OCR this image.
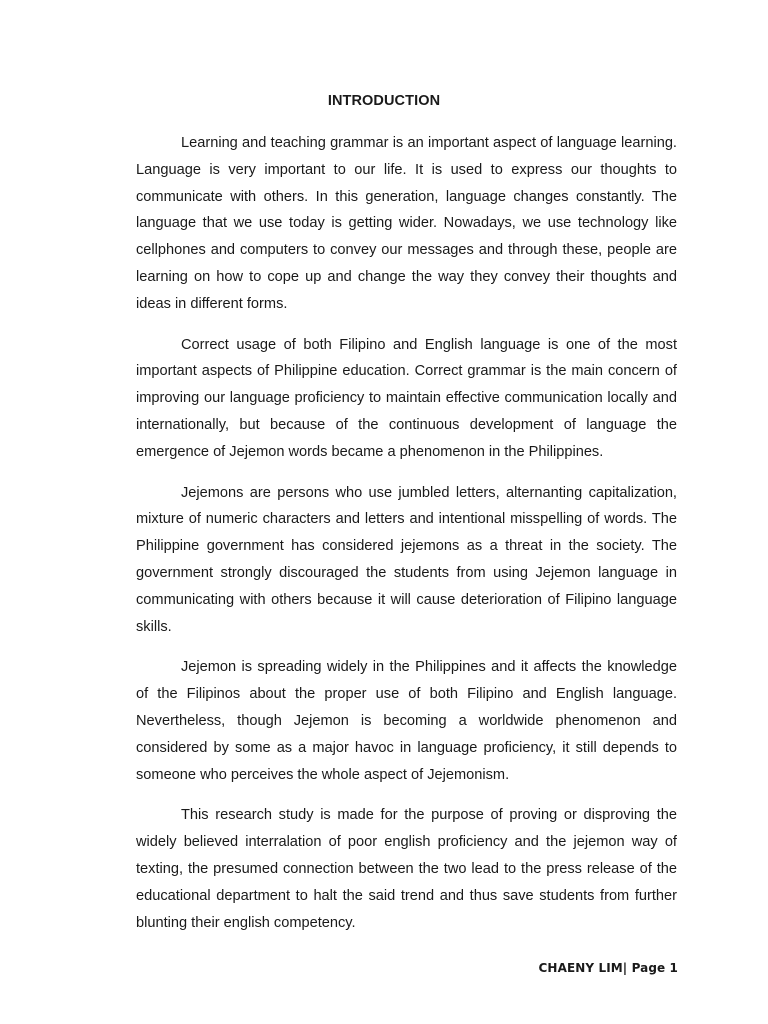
INTRODUCTION

Learning and teaching grammar is an important aspect of language learning. Language is very important to our life. It is used to express our thoughts to communicate with others. In this generation, language changes constantly. The language that we use today is getting wider. Nowadays, we use technology like cellphones and computers to convey our messages and through these, people are learning on how to cope up and change the way they convey their thoughts and ideas in different forms.

Correct usage of both Filipino and English language is one of the most important aspects of Philippine education. Correct grammar is the main concern of improving our language proficiency to maintain effective communication locally and internationally, but because of the continuous development of language the emergence of Jejemon words became a phenomenon in the Philippines.

Jejemons are persons who use jumbled letters, alternanting capitalization, mixture of numeric characters and letters and intentional misspelling of words. The Philippine government has considered jejemons as a threat in the society. The government strongly discouraged the students from using Jejemon language in communicating with others because it will cause deterioration of Filipino language skills.

Jejemon is spreading widely in the Philippines and it affects the knowledge of the Filipinos about the proper use of both Filipino and English language. Nevertheless, though Jejemon is becoming a worldwide phenomenon and considered by some as a major havoc in language proficiency, it still depends to someone who perceives the whole aspect of Jejemonism.

This research study is made for the purpose of proving or disproving the widely believed interralation of poor english proficiency and the jejemon way of texting, the presumed connection between the two lead to the press release of the educational department to halt the said trend and thus save students from further blunting their english competency.

CHAENY LIM| Page 1
